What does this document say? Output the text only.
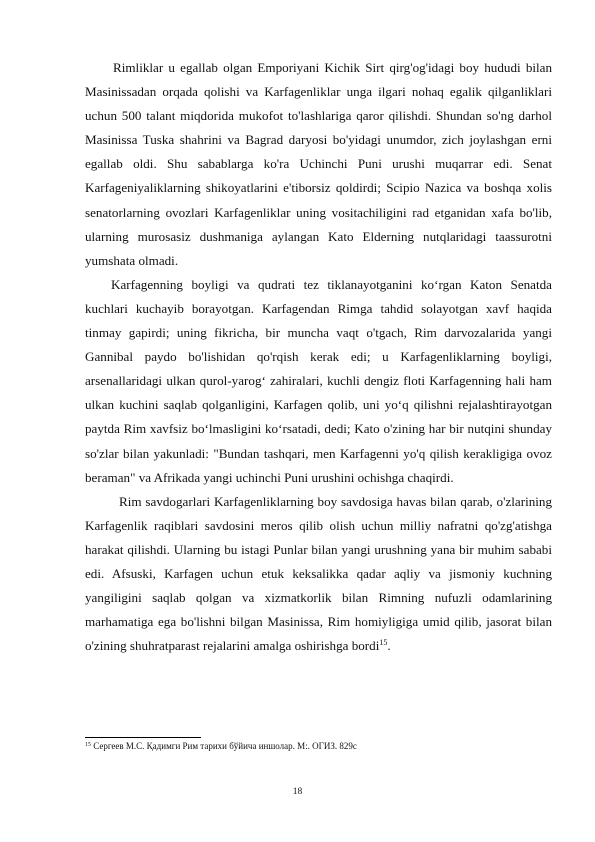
Rimliklar u egallab olgan Emporiyani Kichik Sirt qirg'og'idagi boy hududi bilan Masinissadan orqada qolishi va Karfagenliklar unga ilgari nohaq egalik qilganliklari uchun 500 talant miqdorida mukofot to'lashlariga qaror qilishdi. Shundan so'ng darhol Masinissa Tuska shahrini va Bagrad daryosi bo'yidagi unumdor, zich joylashgan erni egallab oldi. Shu sabablarga ko'ra Uchinchi Puni urushi muqarrar edi. Senat Karfageniyaliklarning shikoyatlarini e'tiborsiz qoldirdi; Scipio Nazica va boshqa xolis senatorlarning ovozlari Karfagenliklar uning vositachiligini rad etganidan xafa bo'lib, ularning murosasiz dushmaniga aylangan Kato Elderning nutqlaridagi taassurotni yumshata olmadi.

Karfagenning boyligi va qudrati tez tiklanayotganini ko‘rgan Katon Senatda kuchlari kuchayib borayotgan. Karfagendan Rimga tahdid solayotgan xavf haqida tinmay gapirdi; uning fikricha, bir muncha vaqt o'tgach, Rim darvozalarida yangi Gannibal paydo bo'lishidan qo'rqish kerak edi; u Karfagenliklarning boyligi, arsenallaridagi ulkan qurol-yarog‘ zahiralari, kuchli dengiz floti Karfagenning hali ham ulkan kuchini saqlab qolganligini, Karfagen qolib, uni yo‘q qilishni rejalashtirayotgan paytda Rim xavfsiz bo‘lmasligini ko‘rsatadi, dedi; Kato o'zining har bir nutqini shunday so'zlar bilan yakunladi: "Bundan tashqari, men Karfagenni yo'q qilish kerakligiga ovoz beraman" va Afrikada yangi uchinchi Puni urushini ochishga chaqirdi.

Rim savdogarlari Karfagenliklarning boy savdosiga havas bilan qarab, o'zlarining Karfagenlik raqiblari savdosini meros qilib olish uchun milliy nafratni qo'zg'atishga harakat qilishdi. Ularning bu istagi Punlar bilan yangi urushning yana bir muhim sababi edi. Afsuski, Karfagen uchun etuk keksalikka qadar aqliy va jismoniy kuchning yangiligini saqlab qolgan va xizmatkorlik bilan Rimning nufuzli odamlarining marhamatiga ega bo'lishni bilgan Masinissa, Rim homiyligiga umid qilib, jasorat bilan o'zining shuhratparast rejalarini amalga oshirishga bordi$^{15}$.

$^{15}$ Сергеев М.С. Қадимги Рим тарихи бўйича иншолар. М:. ОГИЗ. 829с
18
